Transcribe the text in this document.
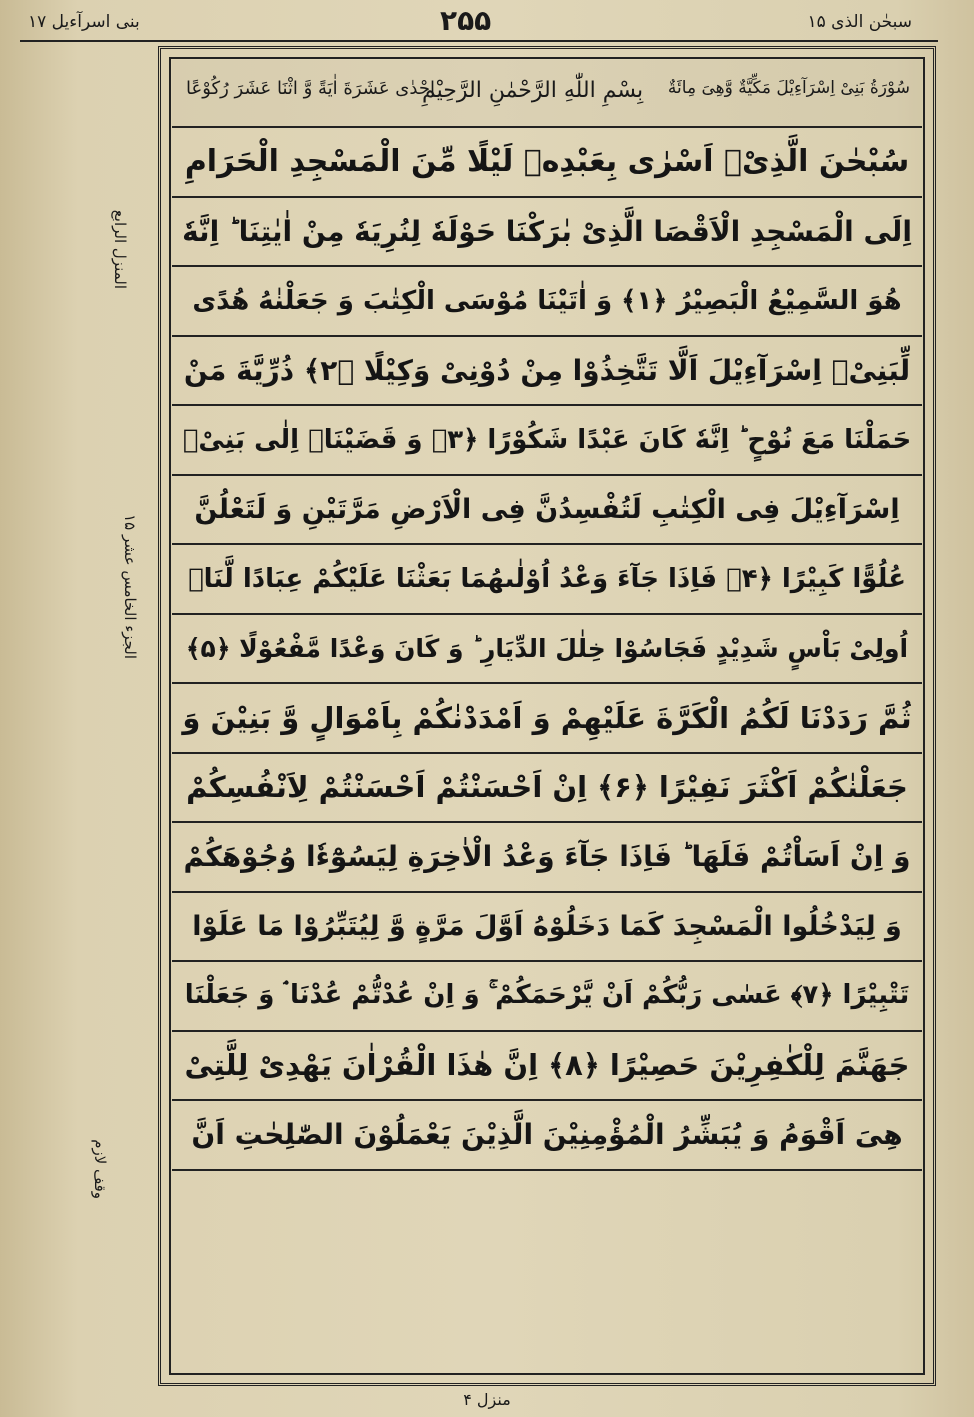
سبحٰن الذی ۱۵
۲۵۵
بنی اسرآءیل ۱۷
المنزل الرابع
الجزء الخامس عشر ۱۵
وقف لازم
سُوْرَةُ بَنِیْ اِسْرَآءِیْلَ مَكِّیَّةٌ وَّهِیَ مِائَةٌ
بِسْمِ اللّٰهِ الرَّحْمٰنِ الرَّحِیْمِ
اِحْدٰی عَشَرَةَ اٰیَةً وَّ اثْنَا عَشَرَ رُكُوْعًا
سُبْحٰنَ الَّذِیْۤ اَسْرٰی بِعَبْدِهٖ لَیْلًا مِّنَ الْمَسْجِدِ الْحَرَامِ
اِلَی الْمَسْجِدِ الْاَقْصَا الَّذِیْ بٰرَكْنَا حَوْلَهٗ لِنُرِیَهٗ مِنْ اٰیٰتِنَا ؕ اِنَّهٗ
هُوَ السَّمِیْعُ الْبَصِیْرُ ﴿۱﴾ وَ اٰتَیْنَا مُوْسَی الْكِتٰبَ وَ جَعَلْنٰهُ هُدًی
لِّبَنِیْۤ اِسْرَآءِیْلَ اَلَّا تَتَّخِذُوْا مِنْ دُوْنِیْ وَكِیْلًا ﴿۲﴾ ذُرِّیَّةَ مَنْ
حَمَلْنَا مَعَ نُوْحٍ ؕ اِنَّهٗ كَانَ عَبْدًا شَكُوْرًا ﴿۳﴾ وَ قَضَیْنَاۤ اِلٰی بَنِیْۤ
اِسْرَآءِیْلَ فِی الْكِتٰبِ لَتُفْسِدُنَّ فِی الْاَرْضِ مَرَّتَیْنِ وَ لَتَعْلُنَّ
عُلُوًّا كَبِیْرًا ﴿۴﴾ فَاِذَا جَآءَ وَعْدُ اُوْلٰىهُمَا بَعَثْنَا عَلَیْكُمْ عِبَادًا لَّنَاۤ
اُولِیْ بَاْسٍ شَدِیْدٍ فَجَاسُوْا خِلٰلَ الدِّیَارِ ؕ وَ كَانَ وَعْدًا مَّفْعُوْلًا ﴿۵﴾
ثُمَّ رَدَدْنَا لَكُمُ الْكَرَّةَ عَلَیْهِمْ وَ اَمْدَدْنٰكُمْ بِاَمْوَالٍ وَّ بَنِیْنَ وَ
جَعَلْنٰكُمْ اَكْثَرَ نَفِیْرًا ﴿۶﴾ اِنْ اَحْسَنْتُمْ اَحْسَنْتُمْ لِاَنْفُسِكُمْ
وَ اِنْ اَسَاْتُمْ فَلَهَا ؕ فَاِذَا جَآءَ وَعْدُ الْاٰخِرَةِ لِیَسُوْٓءٗا وُجُوْهَكُمْ
وَ لِیَدْخُلُوا الْمَسْجِدَ كَمَا دَخَلُوْهُ اَوَّلَ مَرَّةٍ وَّ لِیُتَبِّرُوْا مَا عَلَوْا
تَتْبِیْرًا ﴿۷﴾ عَسٰی رَبُّكُمْ اَنْ یَّرْحَمَكُمْ ۚ وَ اِنْ عُدْتُّمْ عُدْنَا ۘ وَ جَعَلْنَا
جَهَنَّمَ لِلْكٰفِرِیْنَ حَصِیْرًا ﴿۸﴾ اِنَّ هٰذَا الْقُرْاٰنَ یَهْدِیْ لِلَّتِیْ
هِیَ اَقْوَمُ وَ یُبَشِّرُ الْمُؤْمِنِیْنَ الَّذِیْنَ یَعْمَلُوْنَ الصّٰلِحٰتِ اَنَّ
منزل ۴
